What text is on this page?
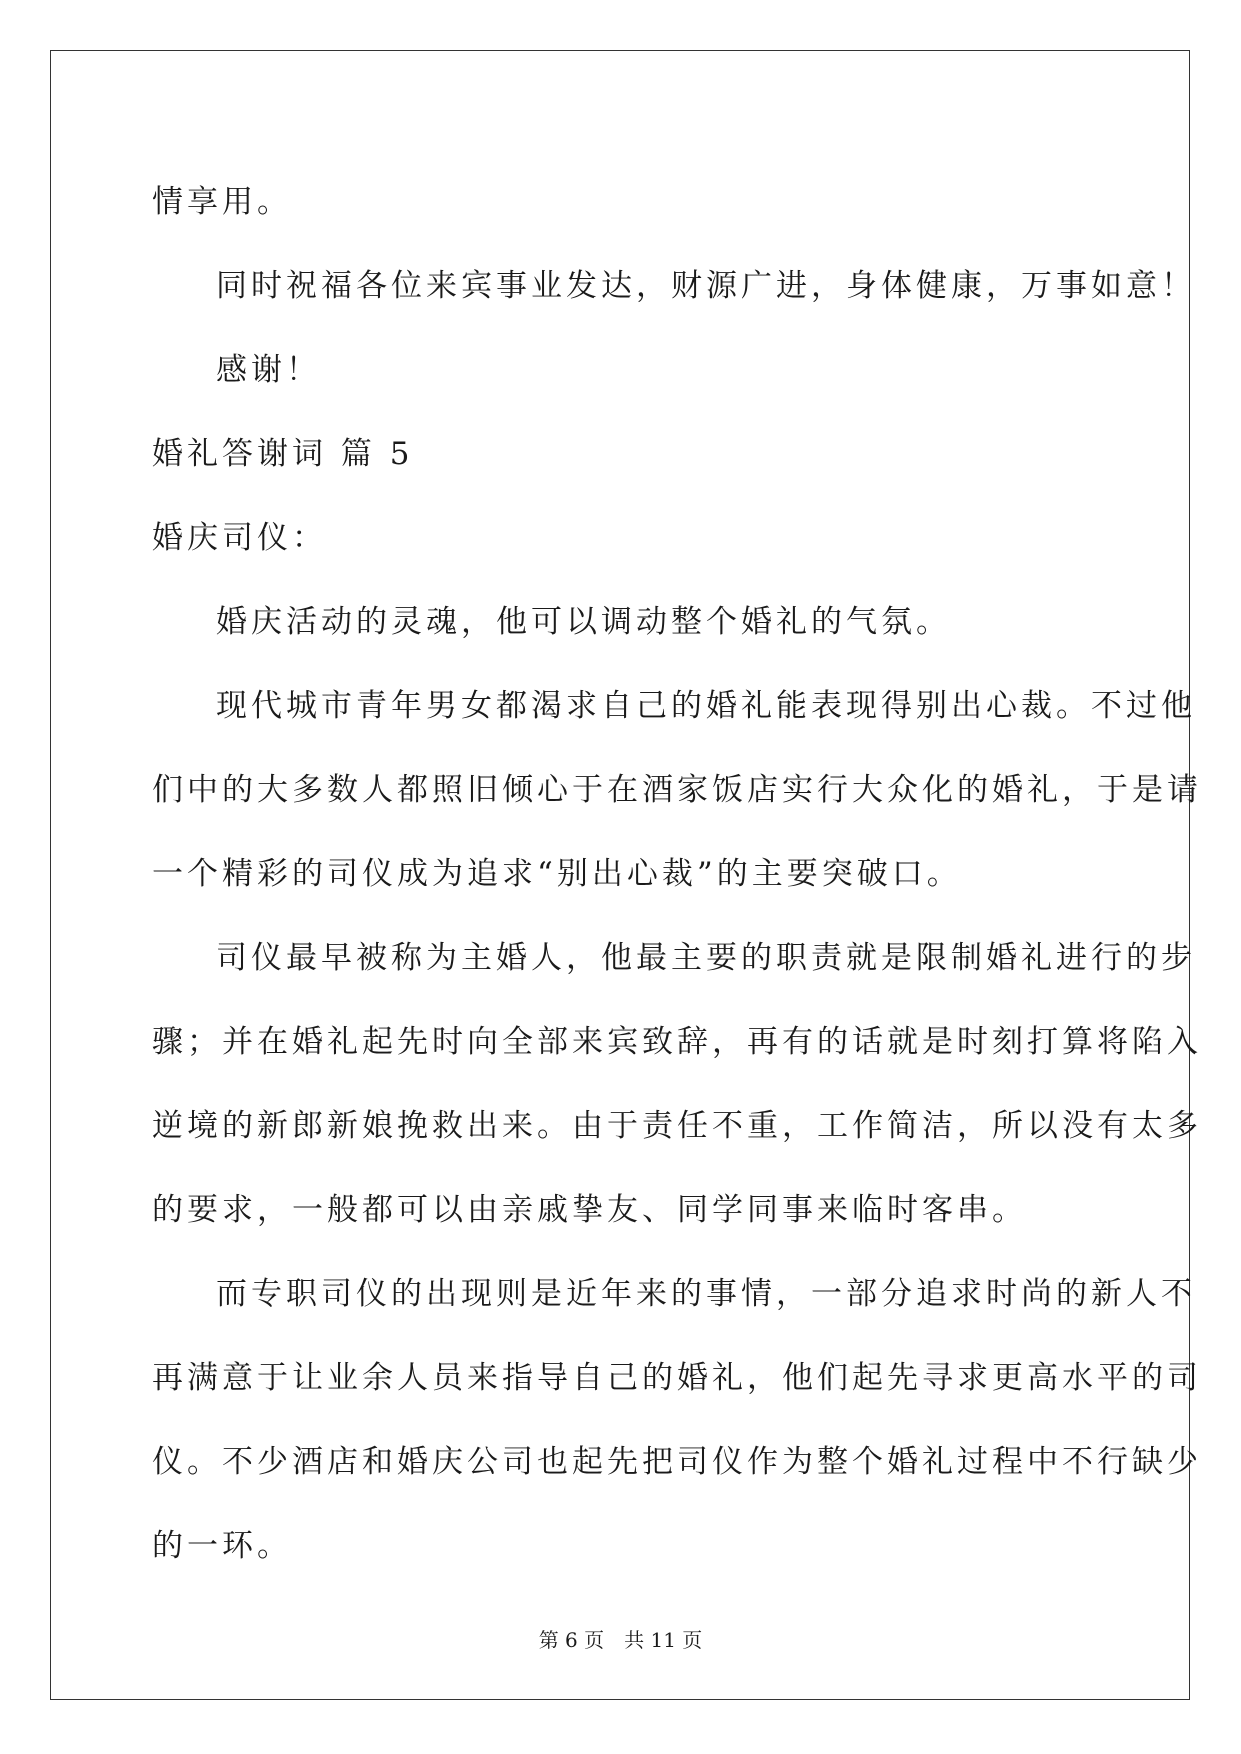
情享用。

同时祝福各位来宾事业发达，财源广进，身体健康，万事如意！

感谢！

婚礼答谢词 篇 5

婚庆司仪：

婚庆活动的灵魂，他可以调动整个婚礼的气氛。

现代城市青年男女都渴求自己的婚礼能表现得别出心裁。不过他

们中的大多数人都照旧倾心于在酒家饭店实行大众化的婚礼，于是请

一个精彩的司仪成为追求“别出心裁”的主要突破口。

司仪最早被称为主婚人，他最主要的职责就是限制婚礼进行的步

骤；并在婚礼起先时向全部来宾致辞，再有的话就是时刻打算将陷入

逆境的新郎新娘挽救出来。由于责任不重，工作简洁，所以没有太多

的要求，一般都可以由亲戚挚友、同学同事来临时客串。

而专职司仪的出现则是近年来的事情，一部分追求时尚的新人不

再满意于让业余人员来指导自己的婚礼，他们起先寻求更高水平的司

仪。不少酒店和婚庆公司也起先把司仪作为整个婚礼过程中不行缺少

的一环。

第 6 页　共 11 页
